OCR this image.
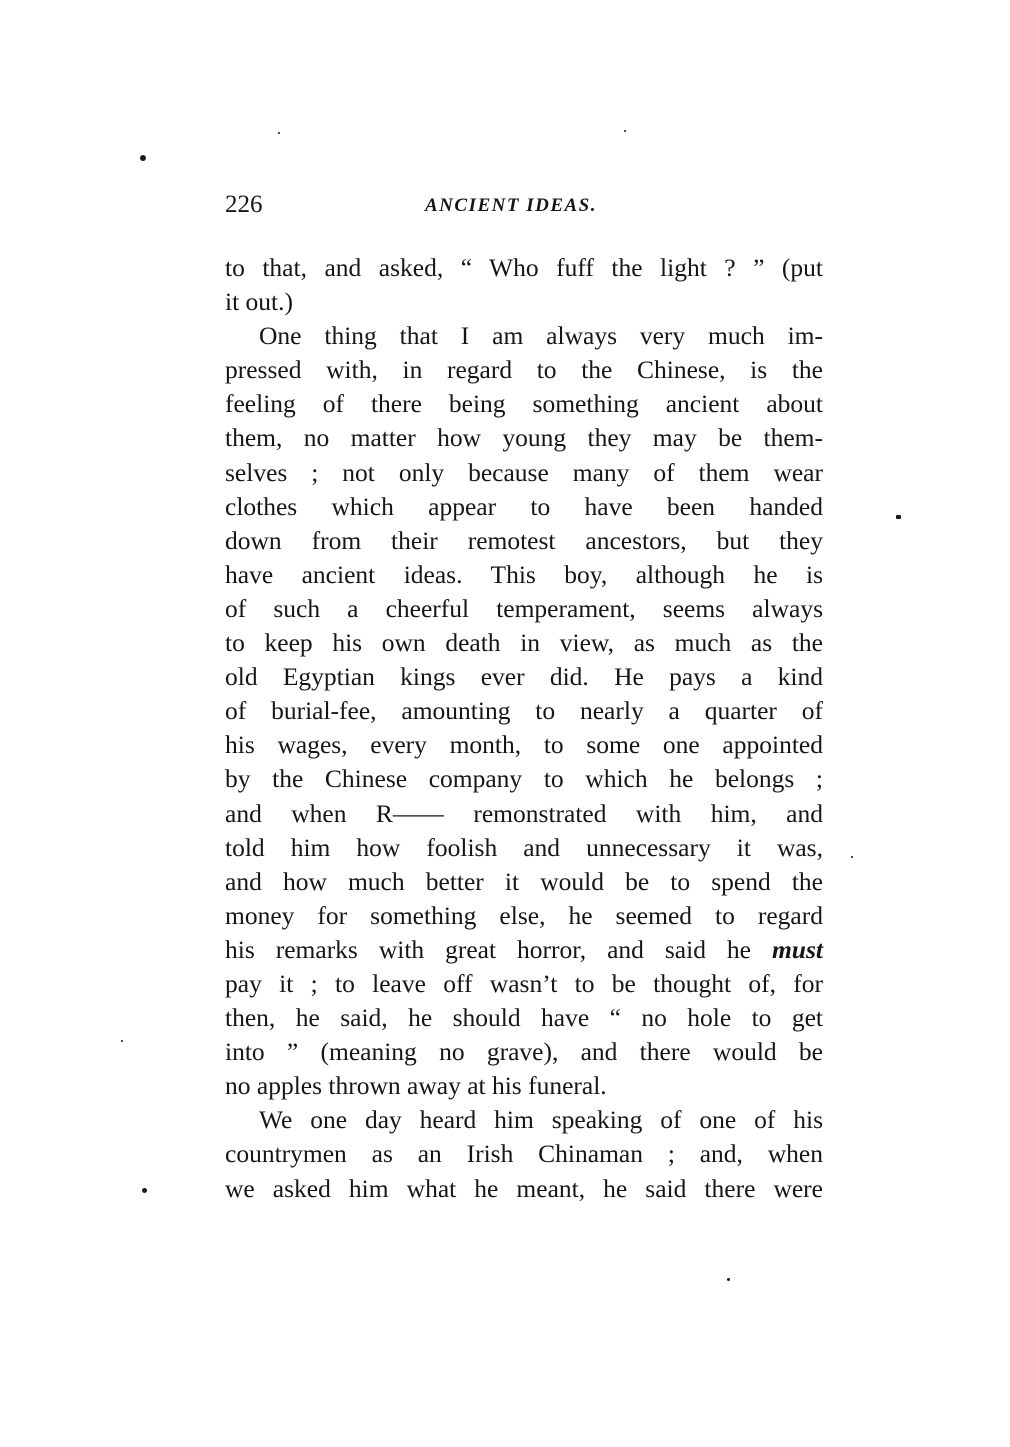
226	ANCIENT IDEAS.
to that, and asked, “ Who fuff the light ? ” (put
it out.)
One thing that I am always very much im-
pressed with, in regard to the Chinese, is the
feeling of there being something ancient about
them, no matter how young they may be them-
selves ; not only because many of them wear
clothes which appear to have been handed
down from their remotest ancestors, but they
have ancient ideas. This boy, although he is
of such a cheerful temperament, seems always
to keep his own death in view, as much as the
old Egyptian kings ever did. He pays a kind
of burial-fee, amounting to nearly a quarter of
his wages, every month, to some one appointed
by the Chinese company to which he belongs ;
and when R—— remonstrated with him, and
told him how foolish and unnecessary it was,
and how much better it would be to spend the
money for something else, he seemed to regard
his remarks with great horror, and said he must
pay it ; to leave off wasn’t to be thought of, for
then, he said, he should have “ no hole to get
into ” (meaning no grave), and there would be
no apples thrown away at his funeral.
We one day heard him speaking of one of his
countrymen as an Irish Chinaman ; and, when
we asked him what he meant, he said there were
